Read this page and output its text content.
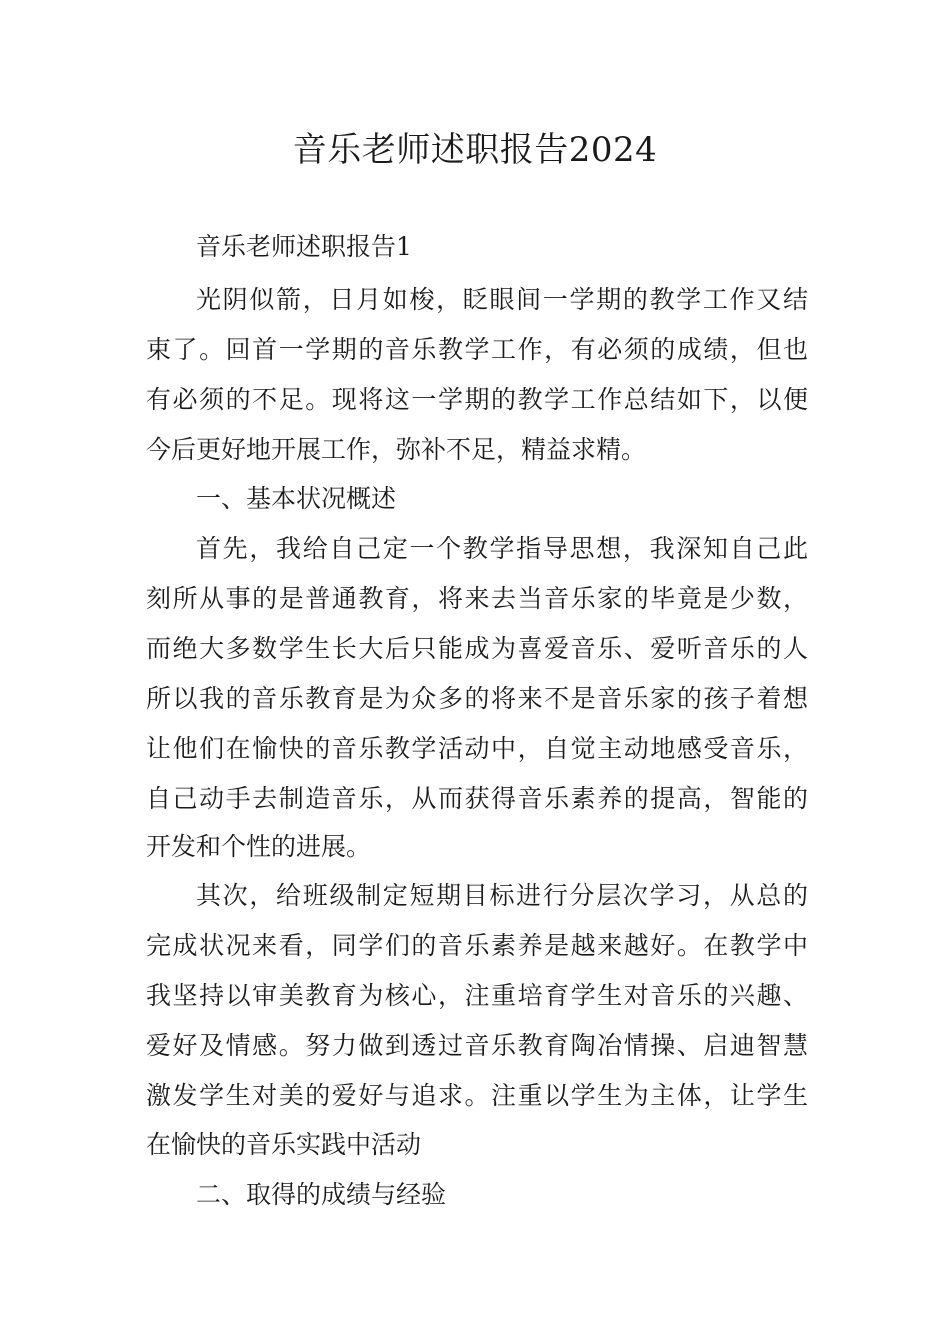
音乐老师述职报告2024
音乐老师述职报告1
光阴似箭，日月如梭，眨眼间一学期的教学工作又结
束了。回首一学期的音乐教学工作，有必须的成绩，但也
有必须的不足。现将这一学期的教学工作总结如下，以便
今后更好地开展工作，弥补不足，精益求精。
一、基本状况概述
首先，我给自己定一个教学指导思想，我深知自己此
刻所从事的是普通教育，将来去当音乐家的毕竟是少数，
而绝大多数学生长大后只能成为喜爱音乐、爱听音乐的人
所以我的音乐教育是为众多的将来不是音乐家的孩子着想
让他们在愉快的音乐教学活动中，自觉主动地感受音乐，
自己动手去制造音乐，从而获得音乐素养的提高，智能的
开发和个性的进展。
其次，给班级制定短期目标进行分层次学习，从总的
完成状况来看，同学们的音乐素养是越来越好。在教学中
我坚持以审美教育为核心，注重培育学生对音乐的兴趣、
爱好及情感。努力做到透过音乐教育陶冶情操、启迪智慧
激发学生对美的爱好与追求。注重以学生为主体，让学生
在愉快的音乐实践中活动
二、取得的成绩与经验
